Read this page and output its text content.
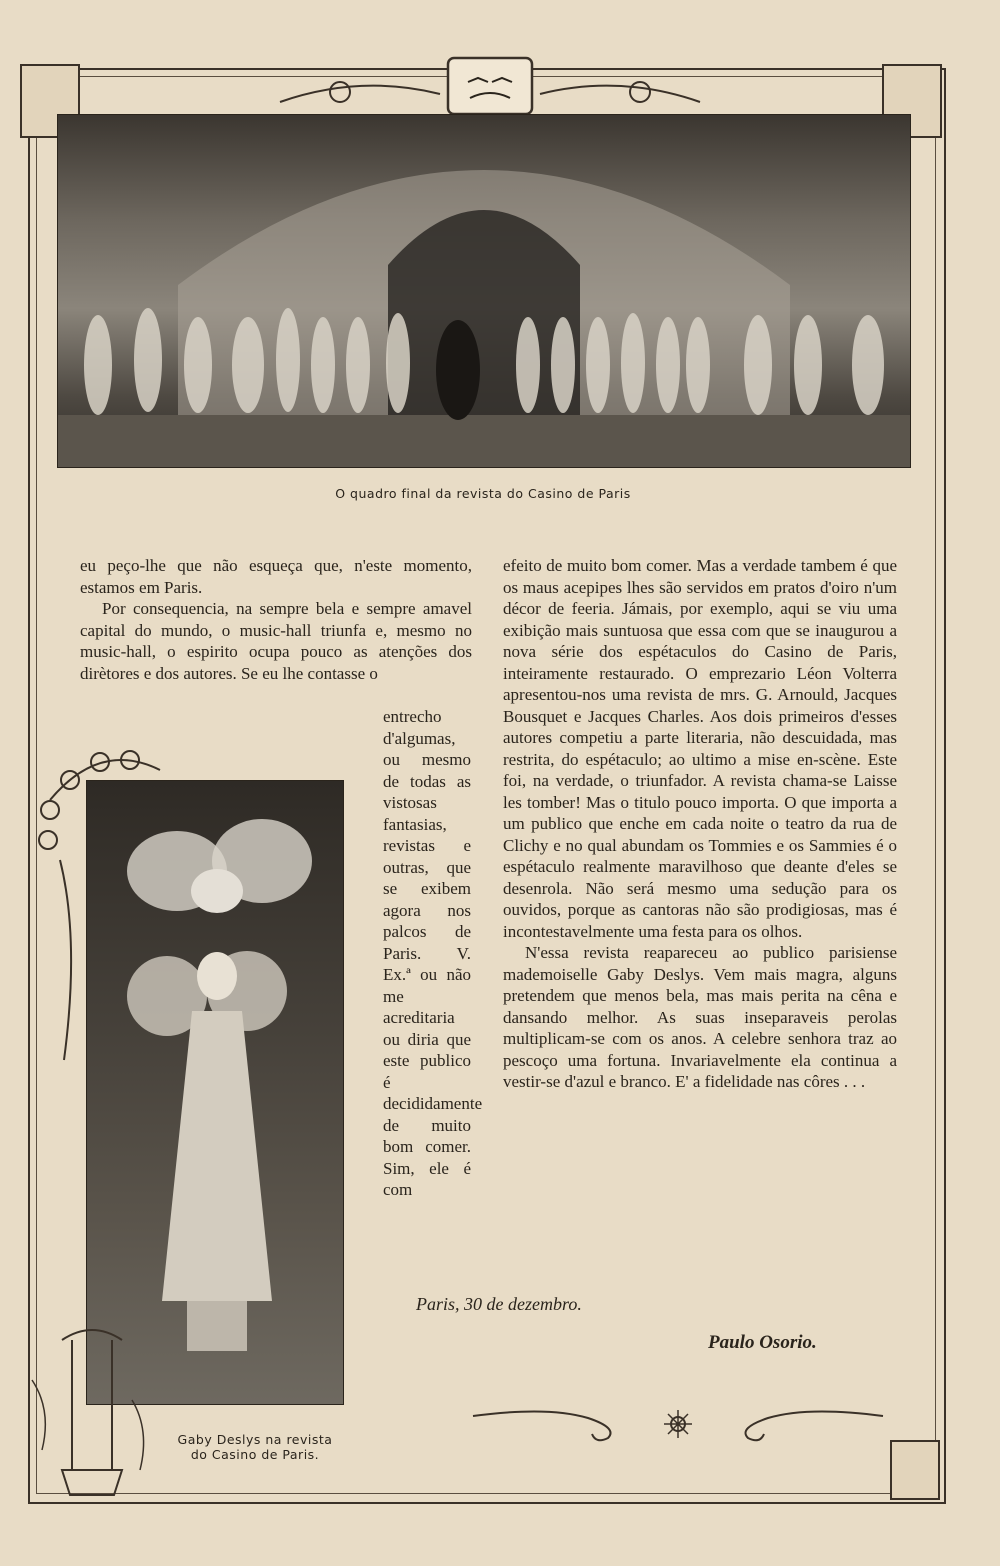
O quadro final da revista do Casino de Paris

eu peço-lhe que não esqueça que, n'este momento, estamos em Paris.

Por consequencia, na sempre bela e sempre amavel capital do mundo, o music-hall triunfa e, mesmo no music-hall, o espirito ocupa pouco as atenções dos dirètores e dos autores. Se eu lhe contasse o

entrecho d'algumas, ou mesmo de todas as vistosas fantasias, revistas e outras, que se exibem agora nos palcos de Paris. V. Ex.ª ou não me acreditaria ou diria que este publico é decididamente de muito bom comer. Sim, ele é com

Gaby Deslys na revista
do Casino de Paris.

efeito de muito bom comer. Mas a verdade tambem é que os maus acepipes lhes são servidos em pratos d'oiro n'um décor de feeria. Jámais, por exemplo, aqui se viu uma exibição mais suntuosa que essa com que se inaugurou a nova série dos espétaculos do Casino de Paris, inteiramente restaurado. O emprezario Léon Volterra apresentou-nos uma revista de mrs. G. Arnould, Jacques Bousquet e Jacques Charles. Aos dois primeiros d'esses autores competiu a parte literaria, não descuidada, mas restrita, do espétaculo; ao ultimo a mise en-scène. Este foi, na verdade, o triunfador. A revista chama-se Laisse les tomber! Mas o titulo pouco importa. O que importa a um publico que enche em cada noite o teatro da rua de Clichy e no qual abundam os Tommies e os Sammies é o espétaculo realmente maravilhoso que deante d'eles se desenrola. Não será mesmo uma sedução para os ouvidos, porque as cantoras não são prodigiosas, mas é incontestavelmente uma festa para os olhos.

N'essa revista reapareceu ao publico parisiense mademoiselle Gaby Deslys. Vem mais magra, alguns pretendem que menos bela, mas mais perita na cêna e dansando melhor. As suas inseparaveis perolas multiplicam-se com os anos. A celebre senhora traz ao pescoço uma fortuna. Invariavelmente ela continua a vestir-se d'azul e branco. E' a fidelidade nas côres . . .

Paris, 30 de dezembro.
Paulo Osorio.
